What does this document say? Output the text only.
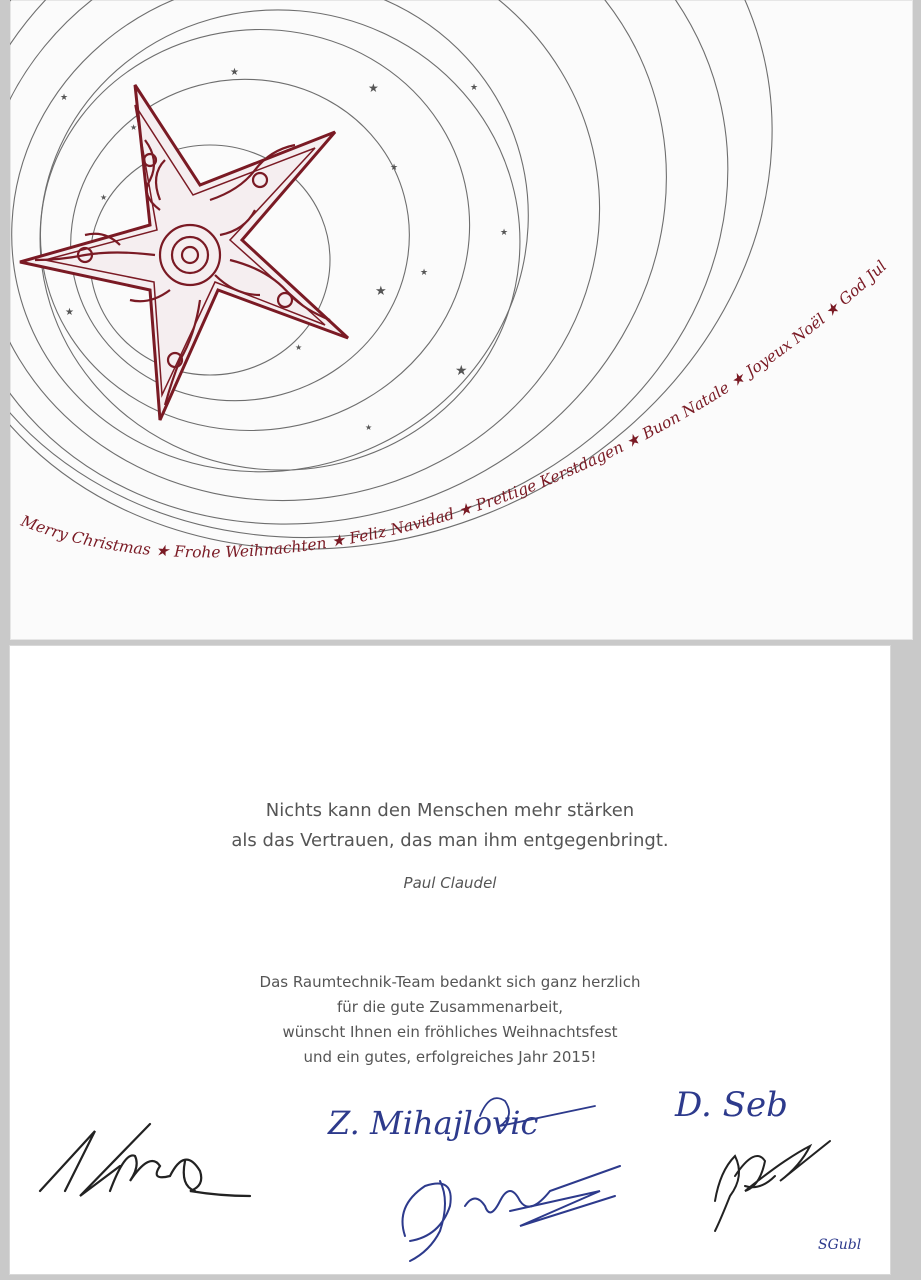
★
★	★
★
★
★
★
★
★
★
★
★
★
★
Merry Christmas ★ Frohe Weihnachten ★ Feliz Navidad ★ Prettige Kerstdagen ★ Buon Natale ★ Joyeux Noël ★ God Jul
Nichts kann den Menschen mehr stärken
als das Vertrauen, das man ihm entgegenbringt.
Paul Claudel
Das Raumtechnik-Team bedankt sich ganz herzlich
für die gute Zusammenarbeit,
wünscht Ihnen ein fröhliches Weihnachtsfest
und ein gutes, erfolgreiches Jahr 2015!
Z. Mihajlovic	D. Seb
SGubl
